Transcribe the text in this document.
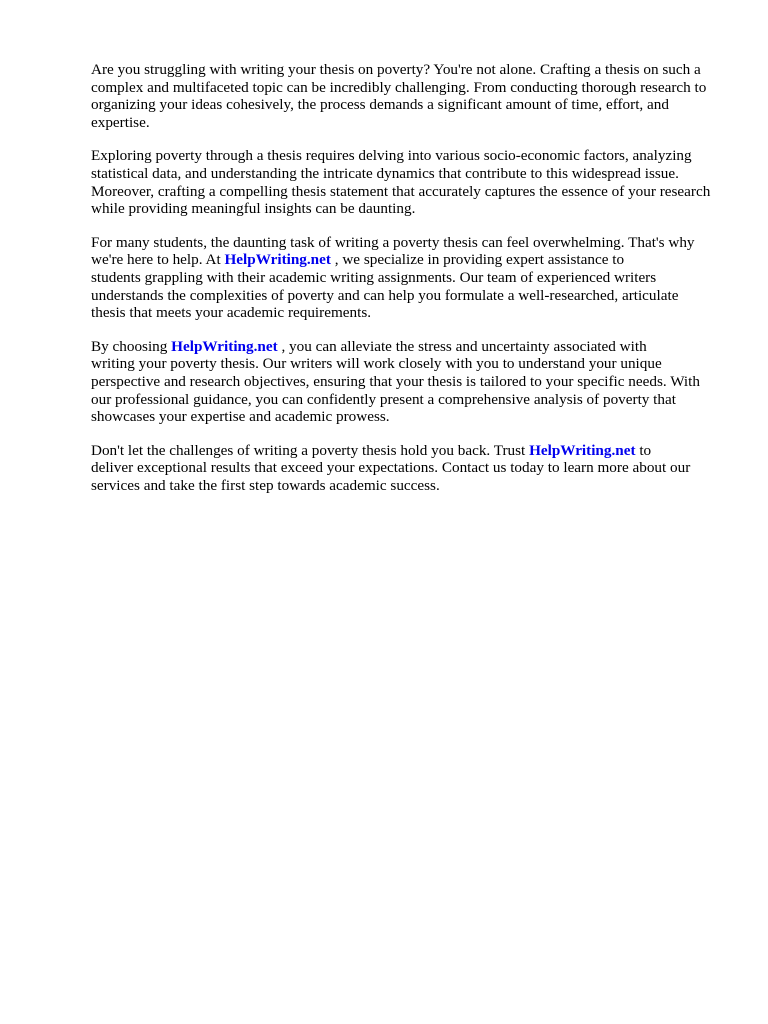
Are you struggling with writing your thesis on poverty? You're not alone. Crafting a thesis on such a
complex and multifaceted topic can be incredibly challenging. From conducting thorough research to
organizing your ideas cohesively, the process demands a significant amount of time, effort, and
expertise.

Exploring poverty through a thesis requires delving into various socio-economic factors, analyzing
statistical data, and understanding the intricate dynamics that contribute to this widespread issue.
Moreover, crafting a compelling thesis statement that accurately captures the essence of your research
while providing meaningful insights can be daunting.

For many students, the daunting task of writing a poverty thesis can feel overwhelming. That's why
we're here to help. At HelpWriting.net , we specialize in providing expert assistance to
students grappling with their academic writing assignments. Our team of experienced writers
understands the complexities of poverty and can help you formulate a well-researched, articulate
thesis that meets your academic requirements.

By choosing HelpWriting.net , you can alleviate the stress and uncertainty associated with
writing your poverty thesis. Our writers will work closely with you to understand your unique
perspective and research objectives, ensuring that your thesis is tailored to your specific needs. With
our professional guidance, you can confidently present a comprehensive analysis of poverty that
showcases your expertise and academic prowess.

Don't let the challenges of writing a poverty thesis hold you back. Trust HelpWriting.net to
deliver exceptional results that exceed your expectations. Contact us today to learn more about our
services and take the first step towards academic success.
